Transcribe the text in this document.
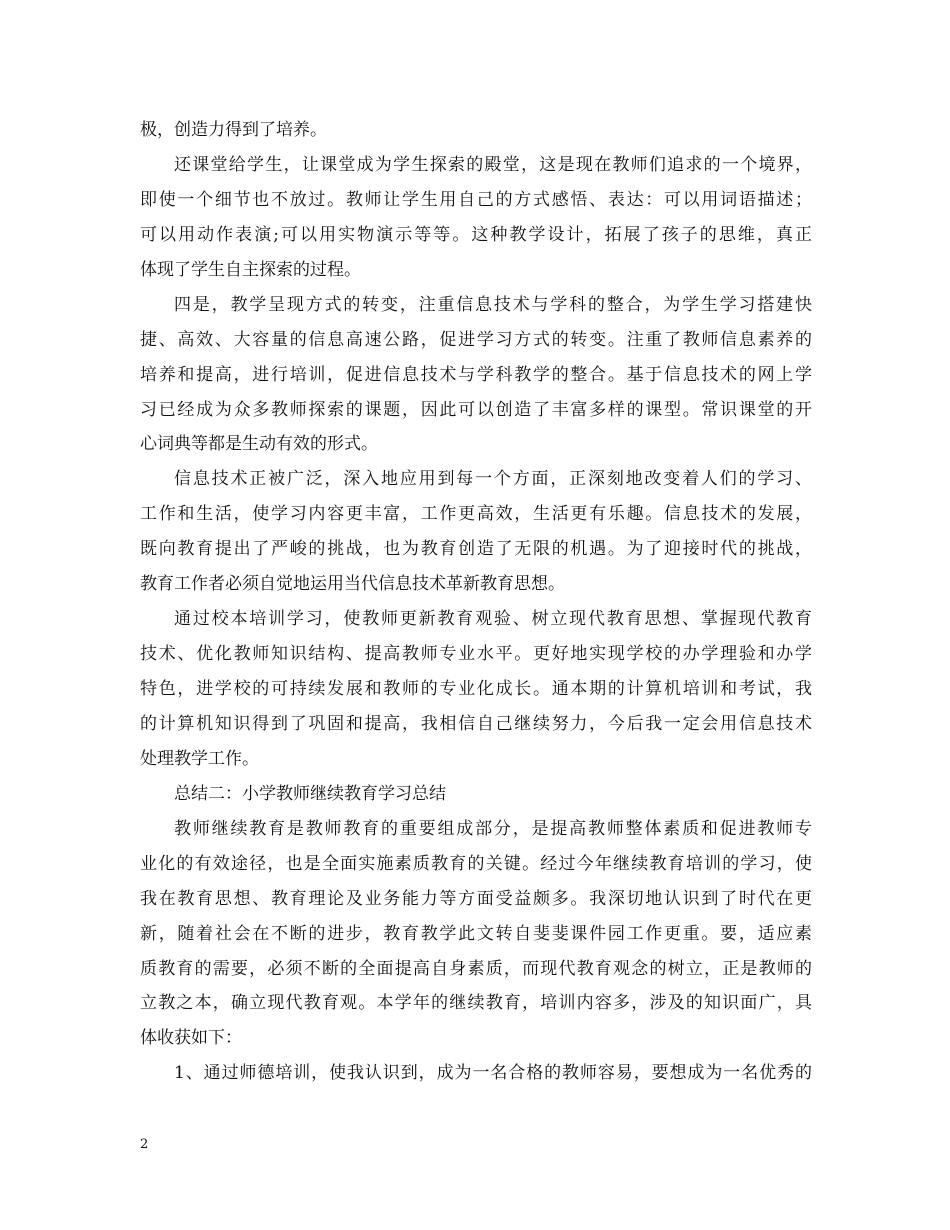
极，创造力得到了培养。
还课堂给学生，让课堂成为学生探索的殿堂，这是现在教师们追求的一个境界，
即使一个细节也不放过。教师让学生用自己的方式感悟、表达：可以用词语描述；
可以用动作表演;可以用实物演示等等。这种教学设计，拓展了孩子的思维，真正
体现了学生自主探索的过程。
四是，教学呈现方式的转变，注重信息技术与学科的整合，为学生学习搭建快
捷、高效、大容量的信息高速公路，促进学习方式的转变。注重了教师信息素养的
培养和提高，进行培训，促进信息技术与学科教学的整合。基于信息技术的网上学
习已经成为众多教师探索的课题，因此可以创造了丰富多样的课型。常识课堂的开
心词典等都是生动有效的形式。
信息技术正被广泛，深入地应用到每一个方面，正深刻地改变着人们的学习、
工作和生活，使学习内容更丰富，工作更高效，生活更有乐趣。信息技术的发展，
既向教育提出了严峻的挑战，也为教育创造了无限的机遇。为了迎接时代的挑战，
教育工作者必须自觉地运用当代信息技术革新教育思想。
通过校本培训学习，使教师更新教育观验、树立现代教育思想、掌握现代教育
技术、优化教师知识结构、提高教师专业水平。更好地实现学校的办学理验和办学
特色，进学校的可持续发展和教师的专业化成长。通本期的计算机培训和考试，我
的计算机知识得到了巩固和提高，我相信自己继续努力，今后我一定会用信息技术
处理教学工作。
总结二：小学教师继续教育学习总结
教师继续教育是教师教育的重要组成部分，是提高教师整体素质和促进教师专
业化的有效途径，也是全面实施素质教育的关键。经过今年继续教育培训的学习，使
我在教育思想、教育理论及业务能力等方面受益颇多。我深切地认识到了时代在更
新，随着社会在不断的进步，教育教学此文转自斐斐课件园工作更重。要，适应素
质教育的需要，必须不断的全面提高自身素质，而现代教育观念的树立，正是教师的
立教之本，确立现代教育观。本学年的继续教育，培训内容多，涉及的知识面广，具
体收获如下：
1、通过师德培训，使我认识到，成为一名合格的教师容易，要想成为一名优秀的
2
